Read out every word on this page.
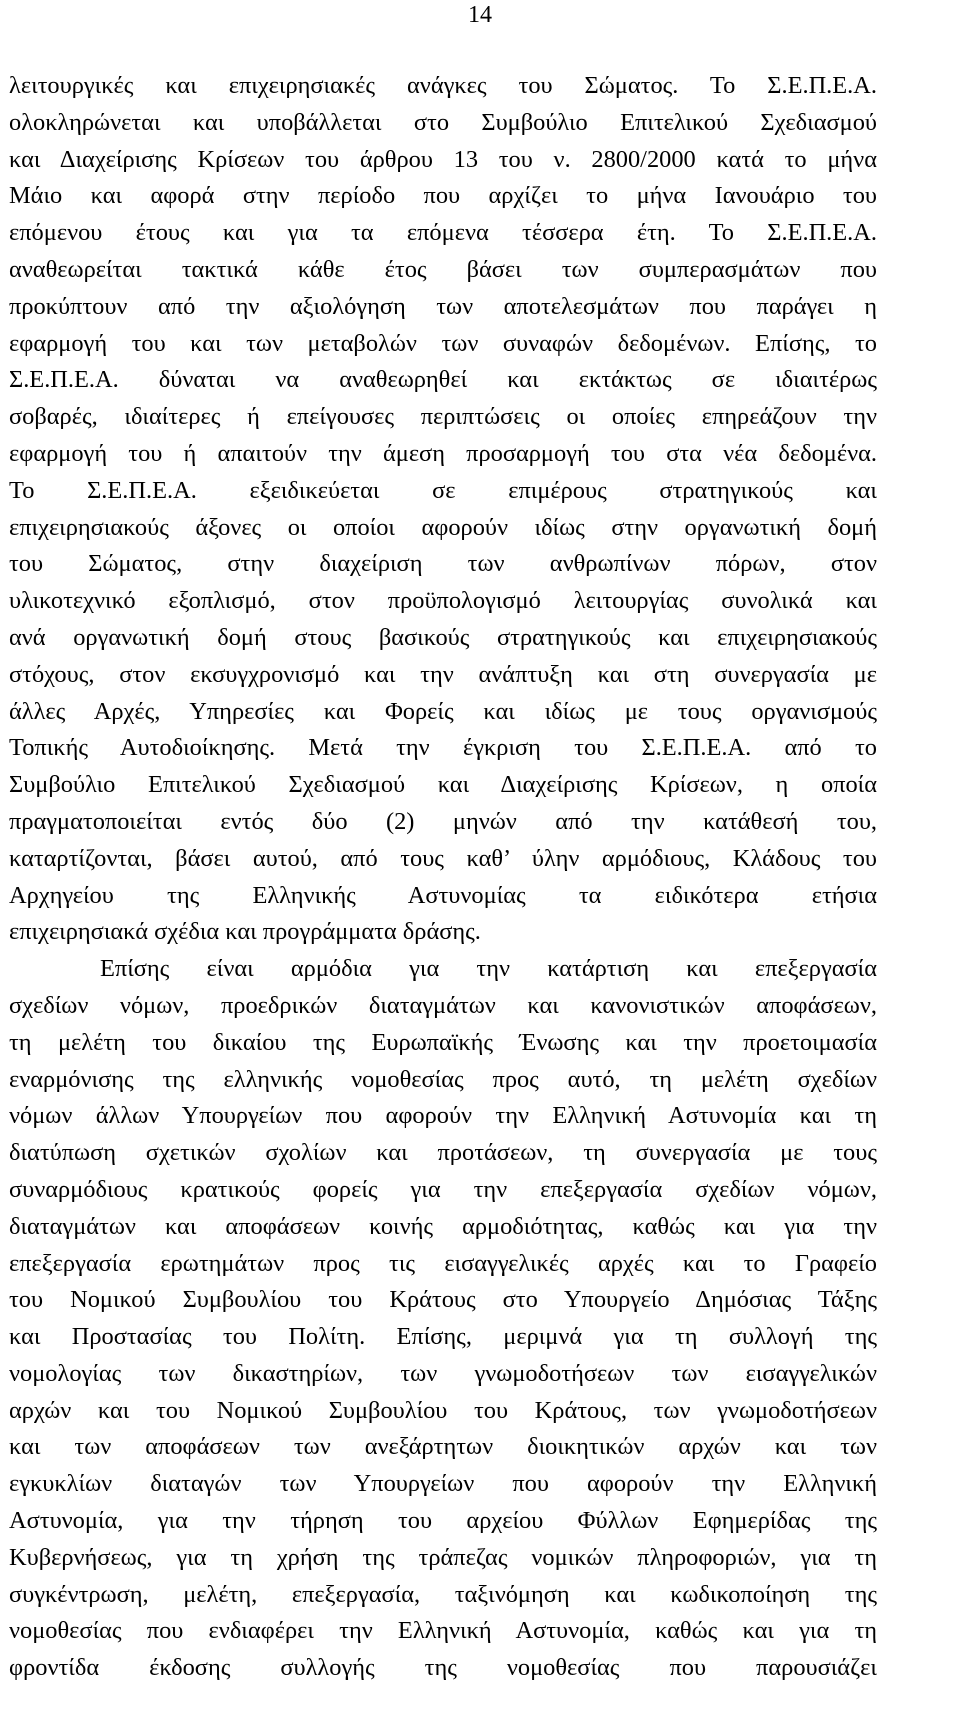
14
λειτουργικές και επιχειρησιακές ανάγκες του Σώματος. Το Σ.Ε.Π.Ε.Α.
ολοκληρώνεται και υποβάλλεται στο Συμβούλιο Επιτελικού Σχεδιασμού
και Διαχείρισης Κρίσεων του άρθρου 13 του ν. 2800/2000 κατά το μήνα
Μάιο και αφορά στην περίοδο που αρχίζει το μήνα Ιανουάριο του
επόμενου έτους και για τα επόμενα τέσσερα έτη. Το Σ.Ε.Π.Ε.Α.
αναθεωρείται τακτικά κάθε έτος βάσει των συμπερασμάτων που
προκύπτουν από την αξιολόγηση των αποτελεσμάτων που παράγει η
εφαρμογή του και των μεταβολών των συναφών δεδομένων. Επίσης, το
Σ.Ε.Π.Ε.Α. δύναται να αναθεωρηθεί και εκτάκτως σε ιδιαιτέρως
σοβαρές, ιδιαίτερες ή επείγουσες περιπτώσεις οι οποίες επηρεάζουν την
εφαρμογή του ή απαιτούν την άμεση προσαρμογή του στα νέα δεδομένα.
Το Σ.Ε.Π.Ε.Α. εξειδικεύεται σε επιμέρους στρατηγικούς και
επιχειρησιακούς άξονες οι οποίοι αφορούν ιδίως στην οργανωτική δομή
του Σώματος, στην διαχείριση των ανθρωπίνων πόρων, στον
υλικοτεχνικό εξοπλισμό, στον προϋπολογισμό λειτουργίας συνολικά και
ανά οργανωτική δομή στους βασικούς στρατηγικούς και επιχειρησιακούς
στόχους, στον εκσυγχρονισμό και την ανάπτυξη και στη συνεργασία με
άλλες Αρχές, Υπηρεσίες και Φορείς και ιδίως με τους οργανισμούς
Τοπικής Αυτοδιοίκησης. Μετά την έγκριση του Σ.Ε.Π.Ε.Α. από το
Συμβούλιο Επιτελικού Σχεδιασμού και Διαχείρισης Κρίσεων, η οποία
πραγματοποιείται εντός δύο (2) μηνών από την κατάθεσή του,
καταρτίζονται, βάσει αυτού, από τους καθ’ ύλην αρμόδιους, Κλάδους του
Αρχηγείου της Ελληνικής Αστυνομίας τα ειδικότερα ετήσια
επιχειρησιακά σχέδια και προγράμματα δράσης.
Επίσης είναι αρμόδια για την κατάρτιση και επεξεργασία
σχεδίων νόμων, προεδρικών διαταγμάτων και κανονιστικών αποφάσεων,
τη μελέτη του δικαίου της Ευρωπαϊκής Ένωσης και την προετοιμασία
εναρμόνισης της ελληνικής νομοθεσίας προς αυτό, τη μελέτη σχεδίων
νόμων άλλων Υπουργείων που αφορούν την Ελληνική Αστυνομία και τη
διατύπωση σχετικών σχολίων και προτάσεων, τη συνεργασία με τους
συναρμόδιους κρατικούς φορείς για την επεξεργασία σχεδίων νόμων,
διαταγμάτων και αποφάσεων κοινής αρμοδιότητας, καθώς και για την
επεξεργασία ερωτημάτων προς τις εισαγγελικές αρχές και το Γραφείο
του Νομικού Συμβουλίου του Κράτους στο Υπουργείο Δημόσιας Τάξης
και Προστασίας του Πολίτη. Επίσης, μεριμνά για τη συλλογή της
νομολογίας των δικαστηρίων, των γνωμοδοτήσεων των εισαγγελικών
αρχών και του Νομικού Συμβουλίου του Κράτους, των γνωμοδοτήσεων
και των αποφάσεων των ανεξάρτητων διοικητικών αρχών και των
εγκυκλίων διαταγών των Υπουργείων που αφορούν την Ελληνική
Αστυνομία, για την τήρηση του αρχείου Φύλλων Εφημερίδας της
Κυβερνήσεως, για τη χρήση της τράπεζας νομικών πληροφοριών, για τη
συγκέντρωση, μελέτη, επεξεργασία, ταξινόμηση και κωδικοποίηση της
νομοθεσίας που ενδιαφέρει την Ελληνική Αστυνομία, καθώς και για τη
φροντίδα έκδοσης συλλογής της νομοθεσίας που παρουσιάζει
